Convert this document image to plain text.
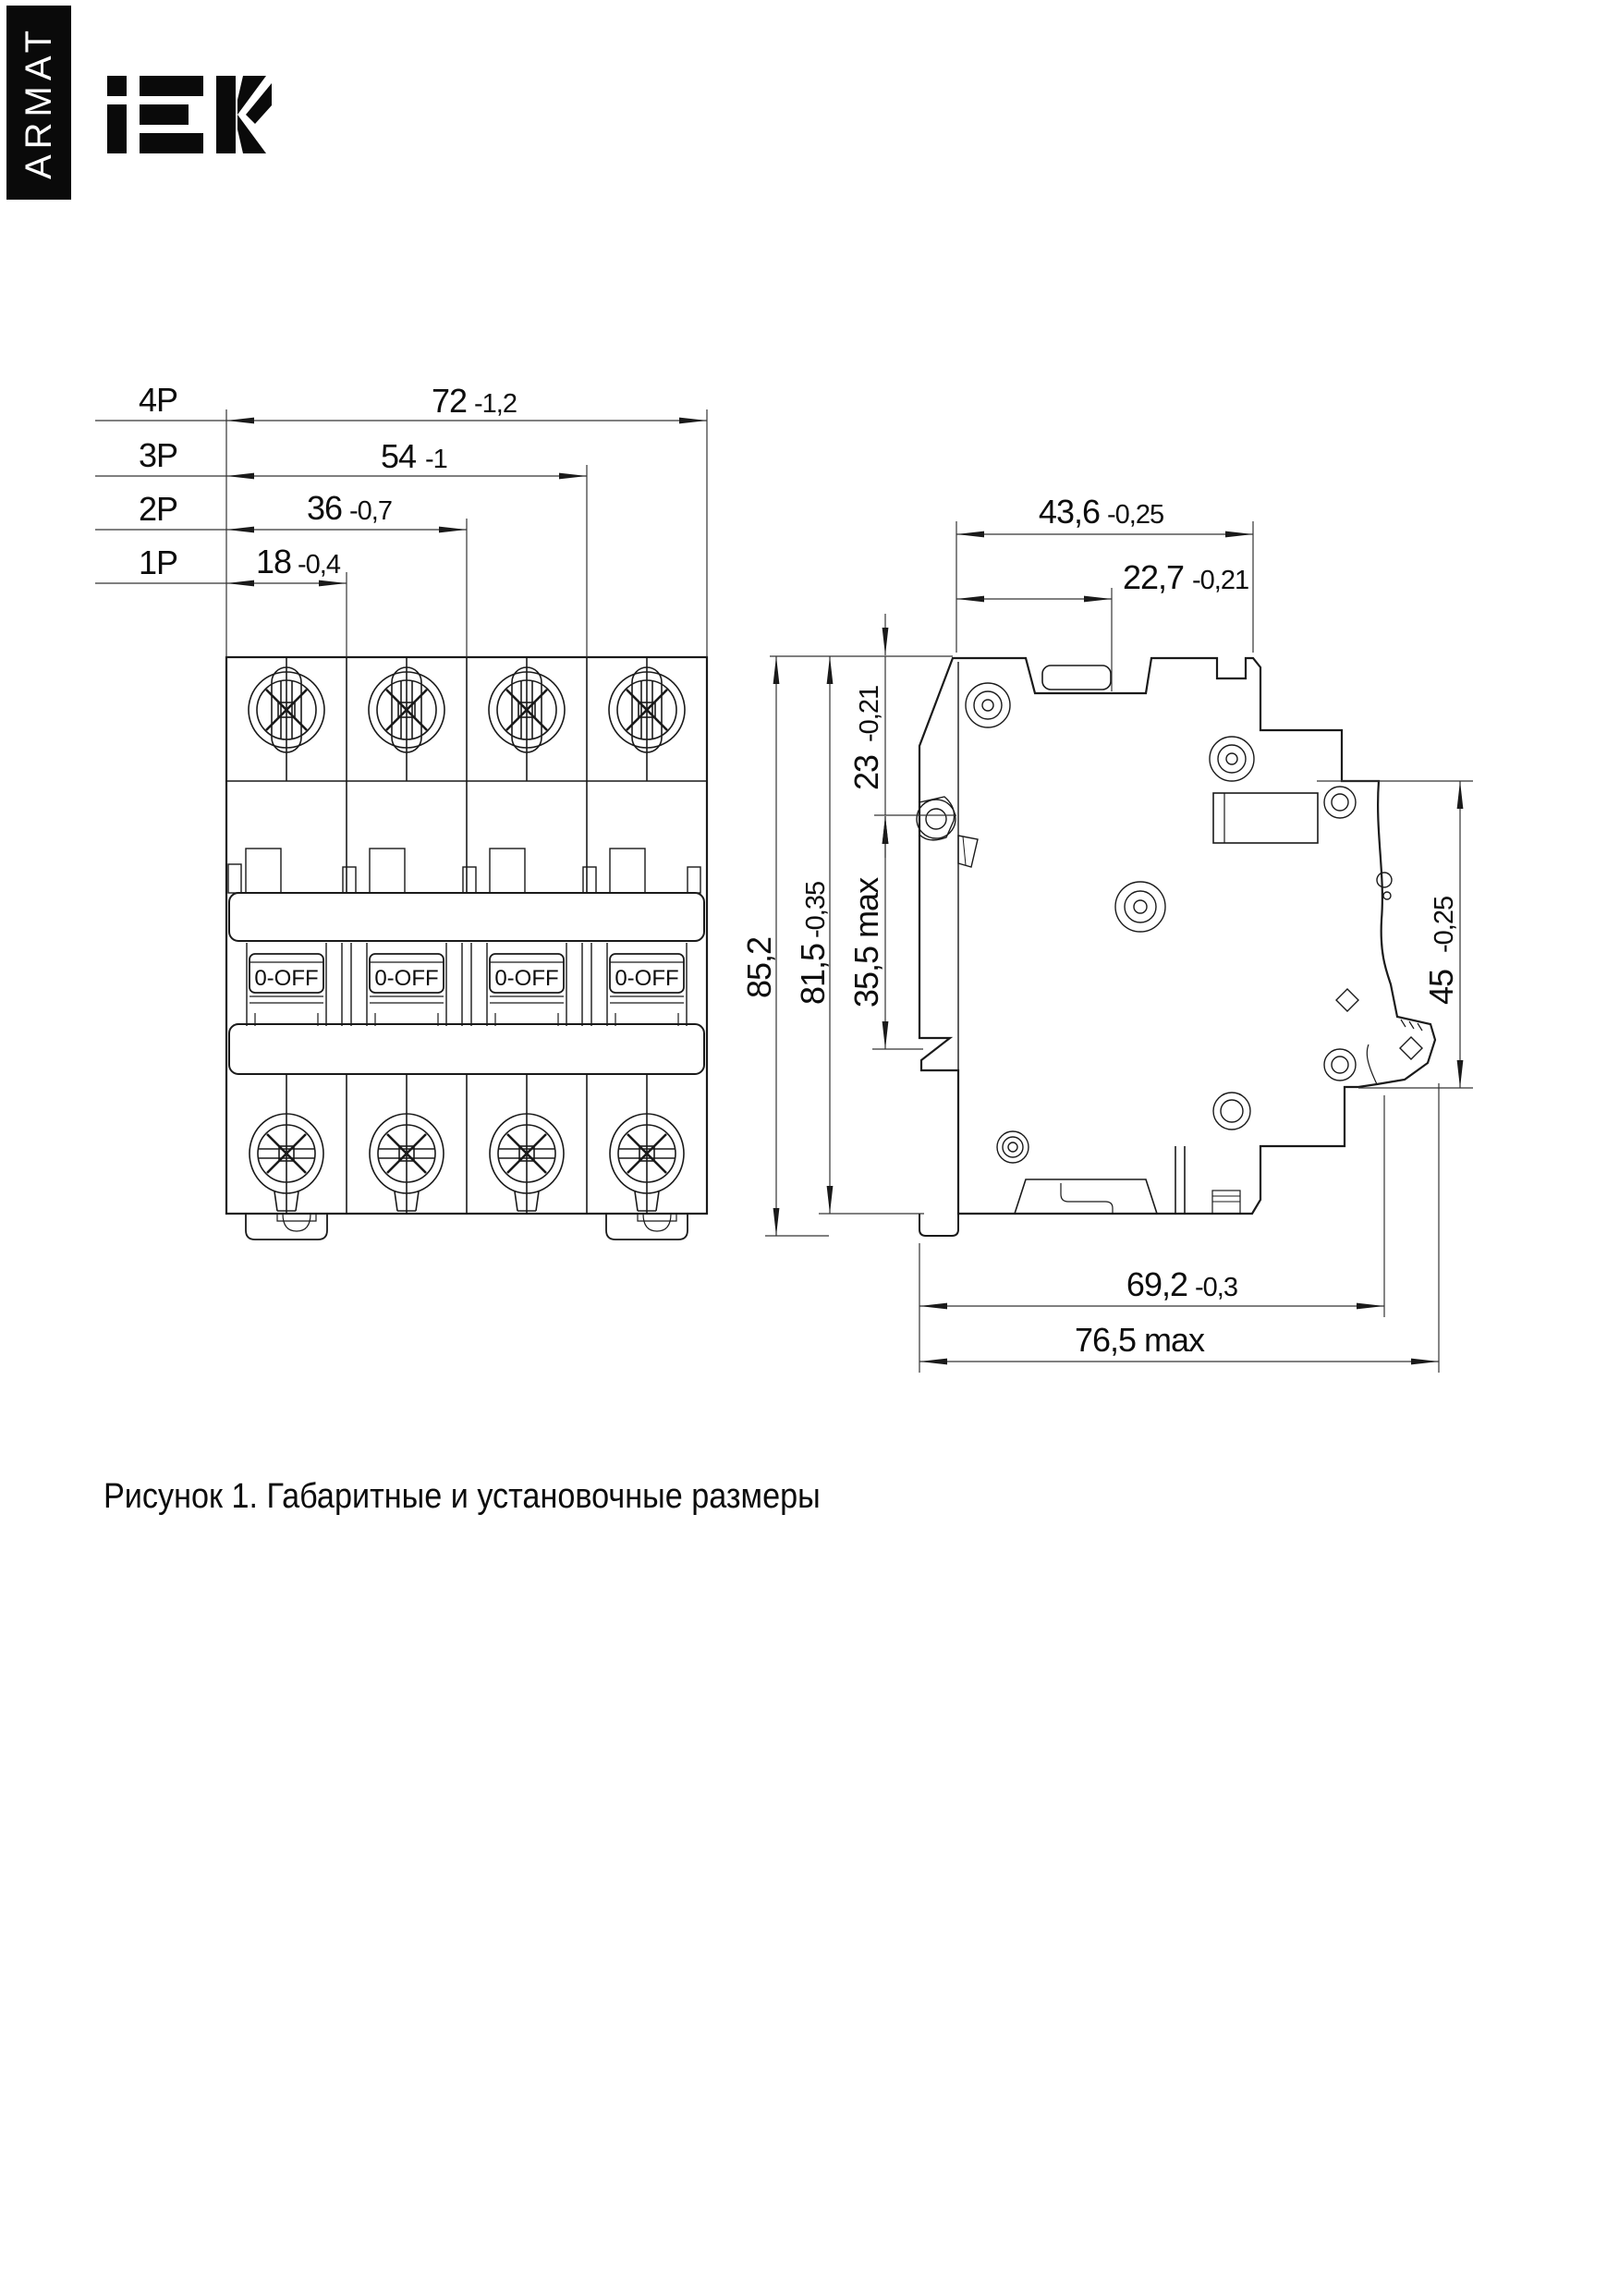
ARMAT
0-OFF	0-OFF	0-OFF	0-OFF
4P
3P
2P
1P
72 -1,2
54 -1
36 -0,7
18 -0,4
43,6 -0,25
22,7 -0,21
69,2 -0,3
76,5 max
23
-0,21
35,5 max
81,5
-0,35
85,2	45
-0,25
Рисунок 1. Габаритные и установочные размеры
